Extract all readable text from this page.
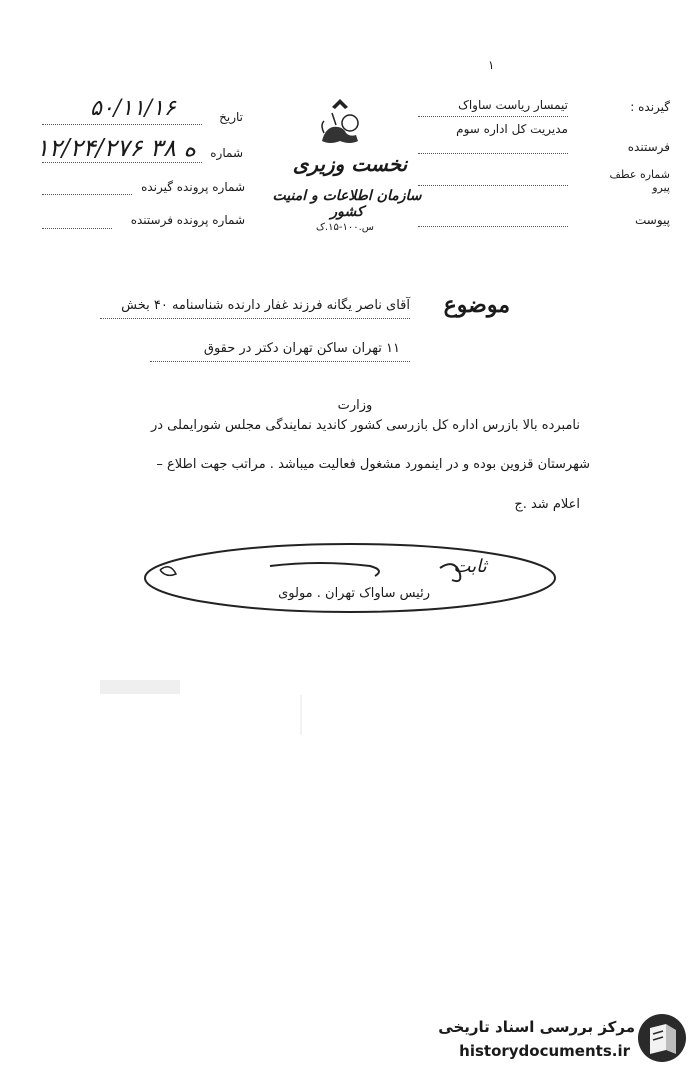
۱
گیرنده :
تیمسار ریاست ساواک
مدیریت کل اداره سوم
فرستنده
شماره عطف پیرو
پیوست
نخست وزیری
سازمان اطلاعات و امنیت کشور
س.۱۰۰-۱۵.ک
تاریخ
۵۰/۱۱/۱۶
شماره
۱۲/۲۴/۲۷۶ ه ۳۸
شماره پرونده گیرنده
شماره پرونده فرستنده
موضوع
آقای ناصر یگانه فرزند غفار دارنده شناسنامه ۴۰ بخش
۱۱ تهران ساکن تهران دکتر در حقوق
وزارت
نامبرده بالا بازرس اداره کل بازرسی کشور کاندید نمایندگی مجلس شورایملی در
شهرستان قزوین بوده و در اینمورد مشغول فعالیت میباشد . مراتب جهت اطلاع –
اعلام شد .ج
ثابت
رئیس ساواک تهران . مولوی
مرکز بررسی اسناد تاریخی
historydocuments.ir
